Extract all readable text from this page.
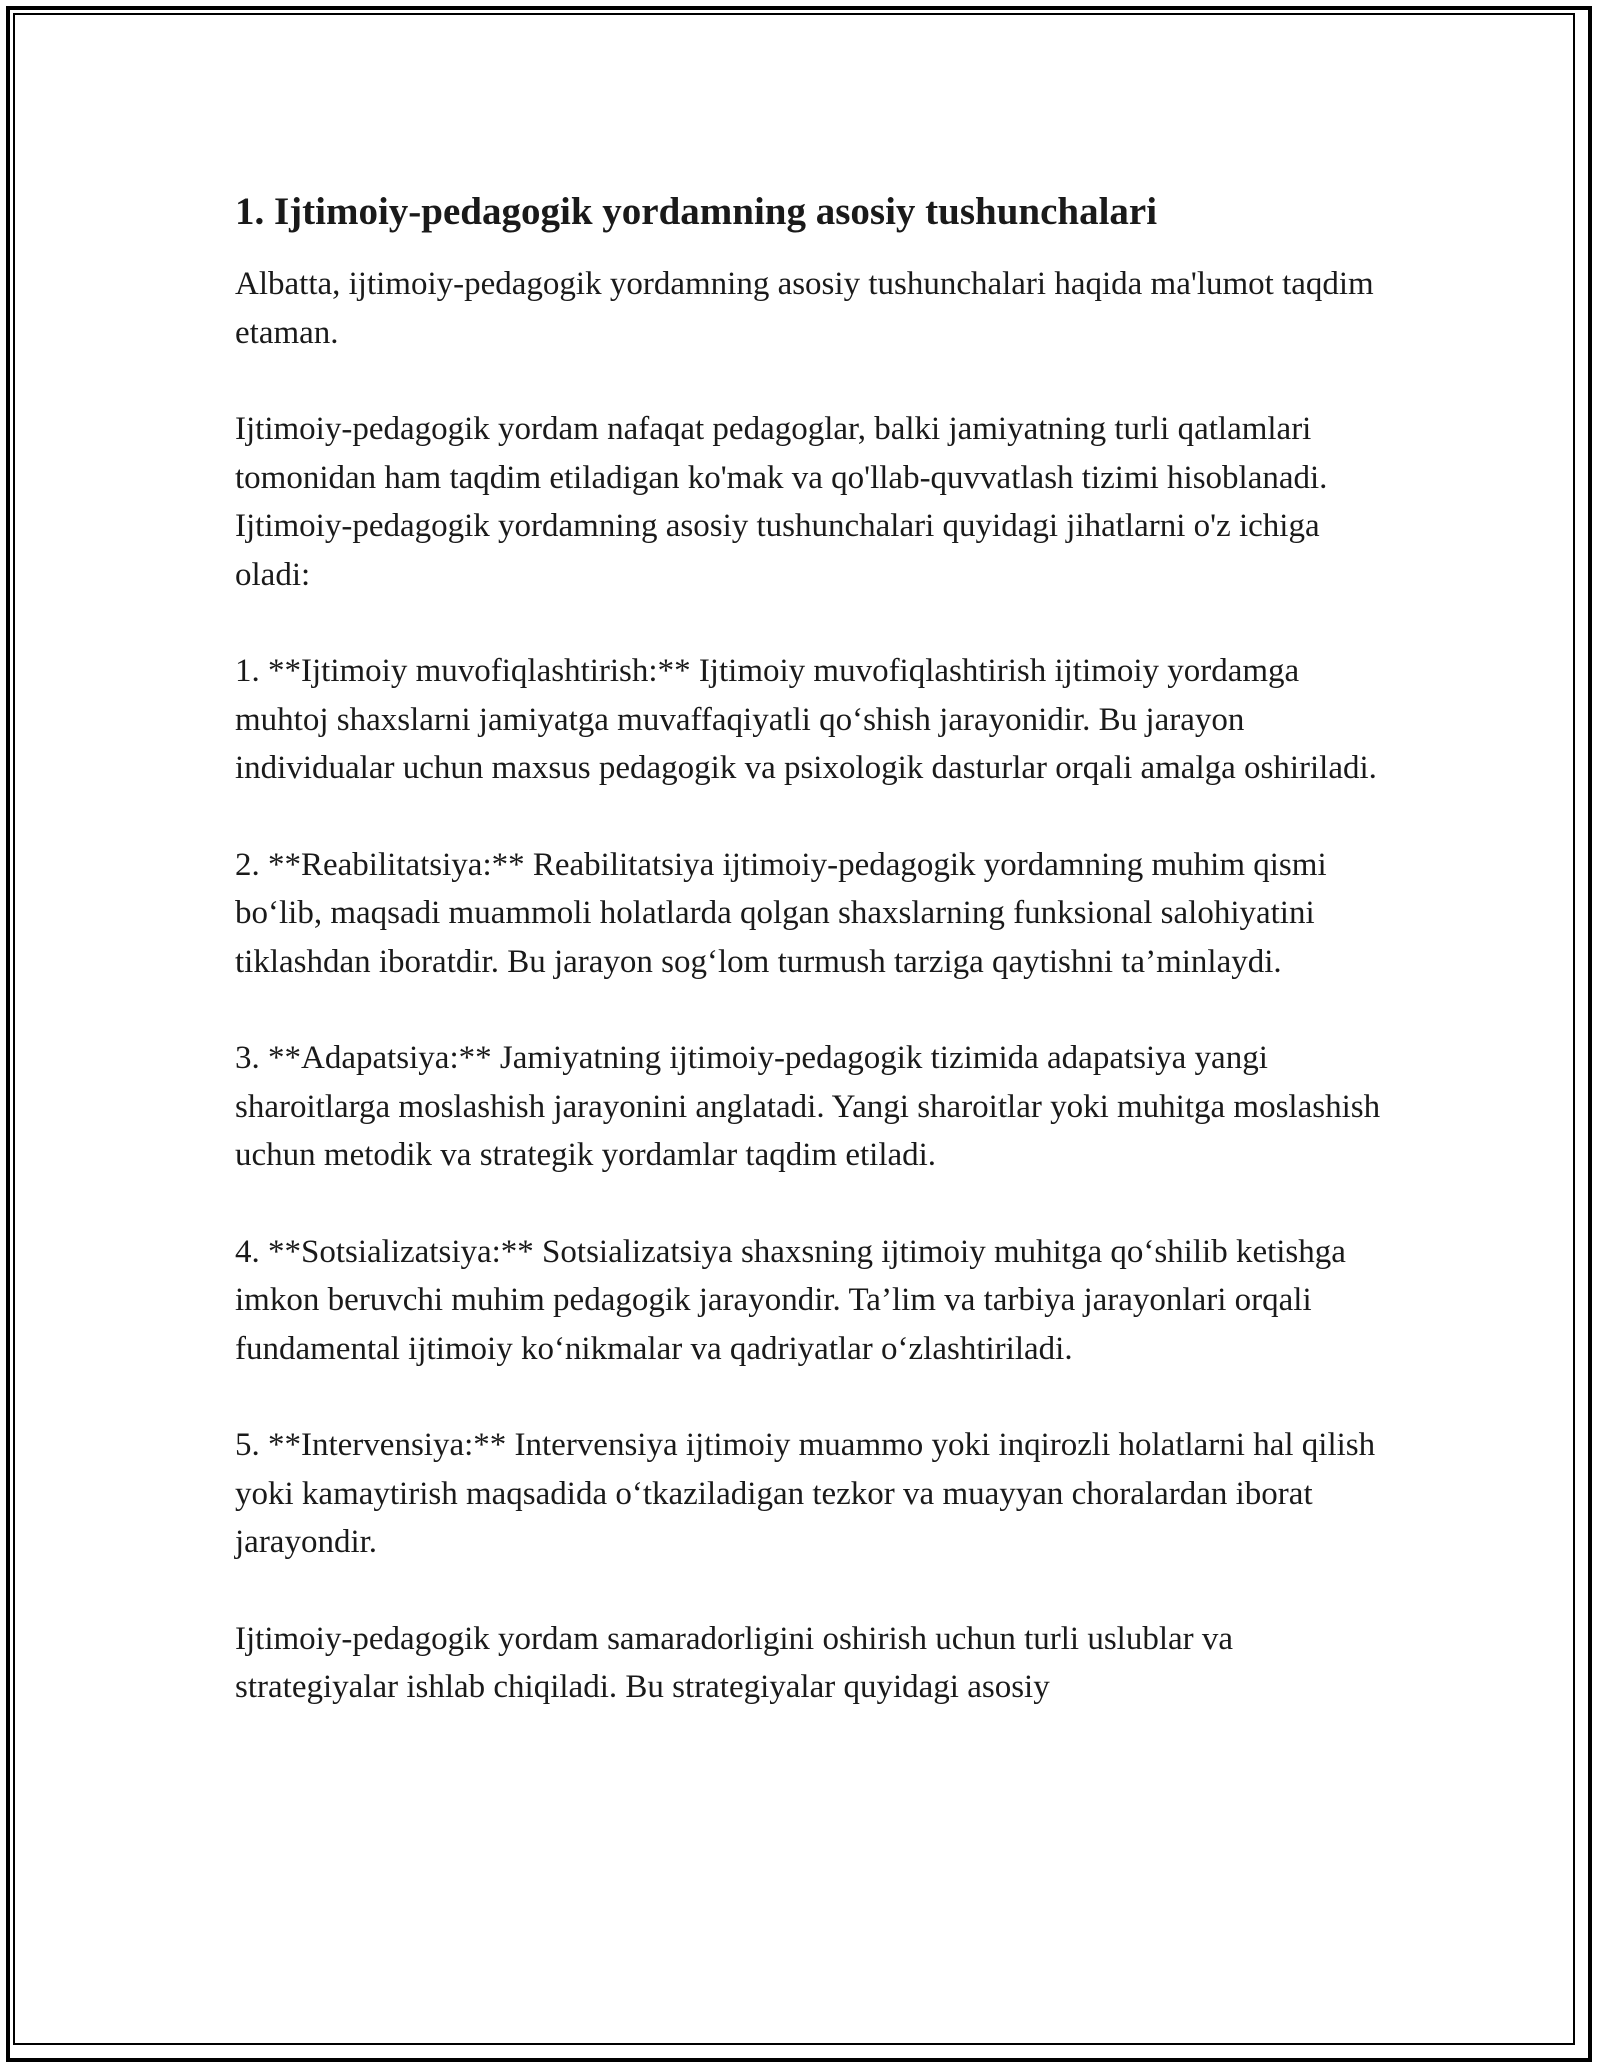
1. Ijtimoiy-pedagogik yordamning asosiy tushunchalari

Albatta, ijtimoiy-pedagogik yordamning asosiy tushunchalari haqida ma'lumot taqdim etaman.

Ijtimoiy-pedagogik yordam nafaqat pedagoglar, balki jamiyatning turli qatlamlari tomonidan ham taqdim etiladigan ko'mak va qo'llab-quvvatlash tizimi hisoblanadi. Ijtimoiy-pedagogik yordamning asosiy tushunchalari quyidagi jihatlarni o'z ichiga oladi:

1. **Ijtimoiy muvofiqlashtirish:** Ijtimoiy muvofiqlashtirish ijtimoiy yordamga muhtoj shaxslarni jamiyatga muvaffaqiyatli qo‘shish jarayonidir. Bu jarayon individualar uchun maxsus pedagogik va psixologik dasturlar orqali amalga oshiriladi.

2. **Reabilitatsiya:** Reabilitatsiya ijtimoiy-pedagogik yordamning muhim qismi bo‘lib, maqsadi muammoli holatlarda qolgan shaxslarning funksional salohiyatini tiklashdan iboratdir. Bu jarayon sog‘lom turmush tarziga qaytishni ta’minlaydi.

3. **Adapatsiya:** Jamiyatning ijtimoiy-pedagogik tizimida adapatsiya yangi sharoitlarga moslashish jarayonini anglatadi. Yangi sharoitlar yoki muhitga moslashish uchun metodik va strategik yordamlar taqdim etiladi.

4. **Sotsializatsiya:** Sotsializatsiya shaxsning ijtimoiy muhitga qo‘shilib ketishga imkon beruvchi muhim pedagogik jarayondir. Ta’lim va tarbiya jarayonlari orqali fundamental ijtimoiy ko‘nikmalar va qadriyatlar o‘zlashtiriladi.

5. **Intervensiya:** Intervensiya ijtimoiy muammo yoki inqirozli holatlarni hal qilish yoki kamaytirish maqsadida o‘tkaziladigan tezkor va muayyan choralardan iborat jarayondir.

Ijtimoiy-pedagogik yordam samaradorligini oshirish uchun turli uslublar va strategiyalar ishlab chiqiladi. Bu strategiyalar quyidagi asosiy
